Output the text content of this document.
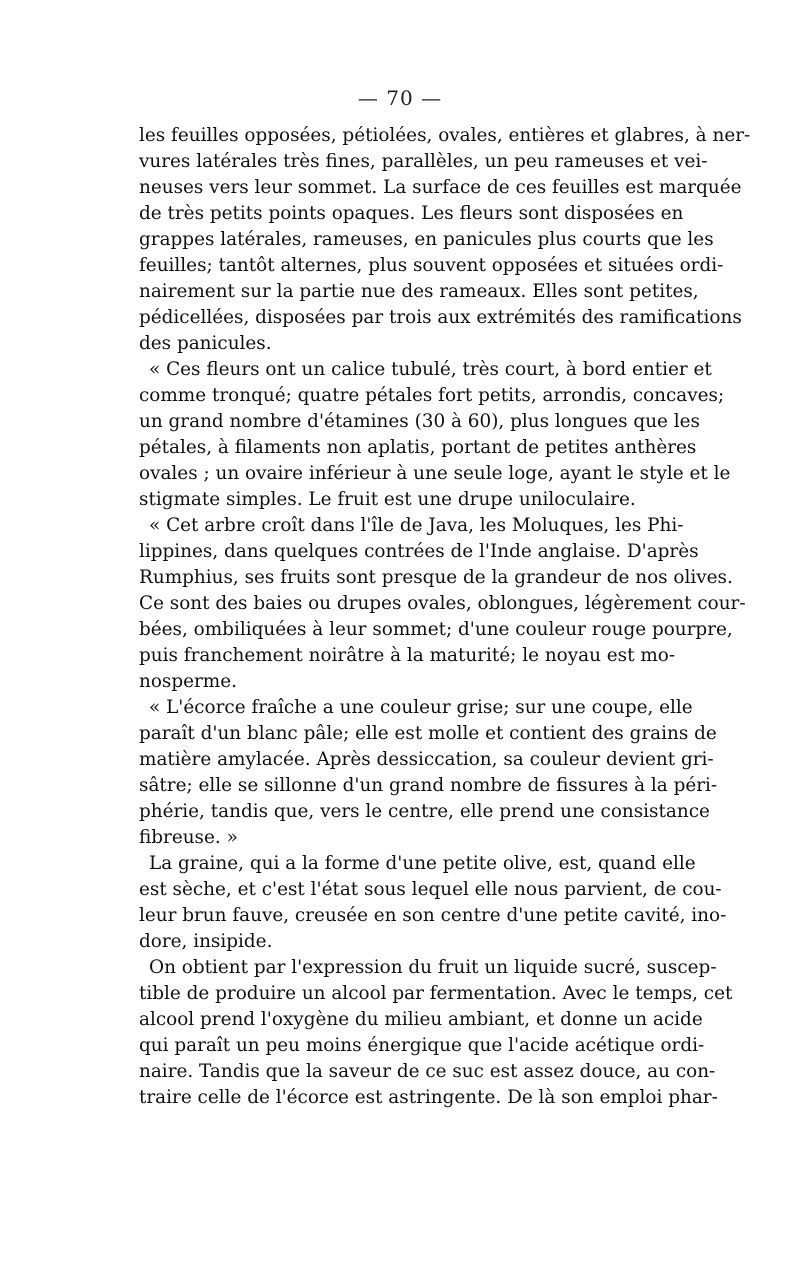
— 70 —
les feuilles opposées, pétiolées, ovales, entières et glabres, à ner-
vures latérales très fines, parallèles, un peu rameuses et vei-
neuses vers leur sommet. La surface de ces feuilles est marquée
de très petits points opaques. Les fleurs sont disposées en
grappes latérales, rameuses, en panicules plus courts que les
feuilles; tantôt alternes, plus souvent opposées et situées ordi-
nairement sur la partie nue des rameaux. Elles sont petites,
pédicellées, disposées par trois aux extrémités des ramifications
des panicules.
« Ces fleurs ont un calice tubulé, très court, à bord entier et
comme tronqué; quatre pétales fort petits, arrondis, concaves;
un grand nombre d'étamines (30 à 60), plus longues que les
pétales, à filaments non aplatis, portant de petites anthères
ovales ; un ovaire inférieur à une seule loge, ayant le style et le
stigmate simples. Le fruit est une drupe uniloculaire.
« Cet arbre croît dans l'île de Java, les Moluques, les Phi-
lippines, dans quelques contrées de l'Inde anglaise. D'après
Rumphius, ses fruits sont presque de la grandeur de nos olives.
Ce sont des baies ou drupes ovales, oblongues, légèrement cour-
bées, ombiliquées à leur sommet; d'une couleur rouge pourpre,
puis franchement noirâtre à la maturité; le noyau est mo-
nosperme.
« L'écorce fraîche a une couleur grise; sur une coupe, elle
paraît d'un blanc pâle; elle est molle et contient des grains de
matière amylacée. Après dessiccation, sa couleur devient gri-
sâtre; elle se sillonne d'un grand nombre de fissures à la péri-
phérie, tandis que, vers le centre, elle prend une consistance
fibreuse. »
La graine, qui a la forme d'une petite olive, est, quand elle
est sèche, et c'est l'état sous lequel elle nous parvient, de cou-
leur brun fauve, creusée en son centre d'une petite cavité, ino-
dore, insipide.
On obtient par l'expression du fruit un liquide sucré, suscep-
tible de produire un alcool par fermentation. Avec le temps, cet
alcool prend l'oxygène du milieu ambiant, et donne un acide
qui paraît un peu moins énergique que l'acide acétique ordi-
naire. Tandis que la saveur de ce suc est assez douce, au con-
traire celle de l'écorce est astringente. De là son emploi phar-
